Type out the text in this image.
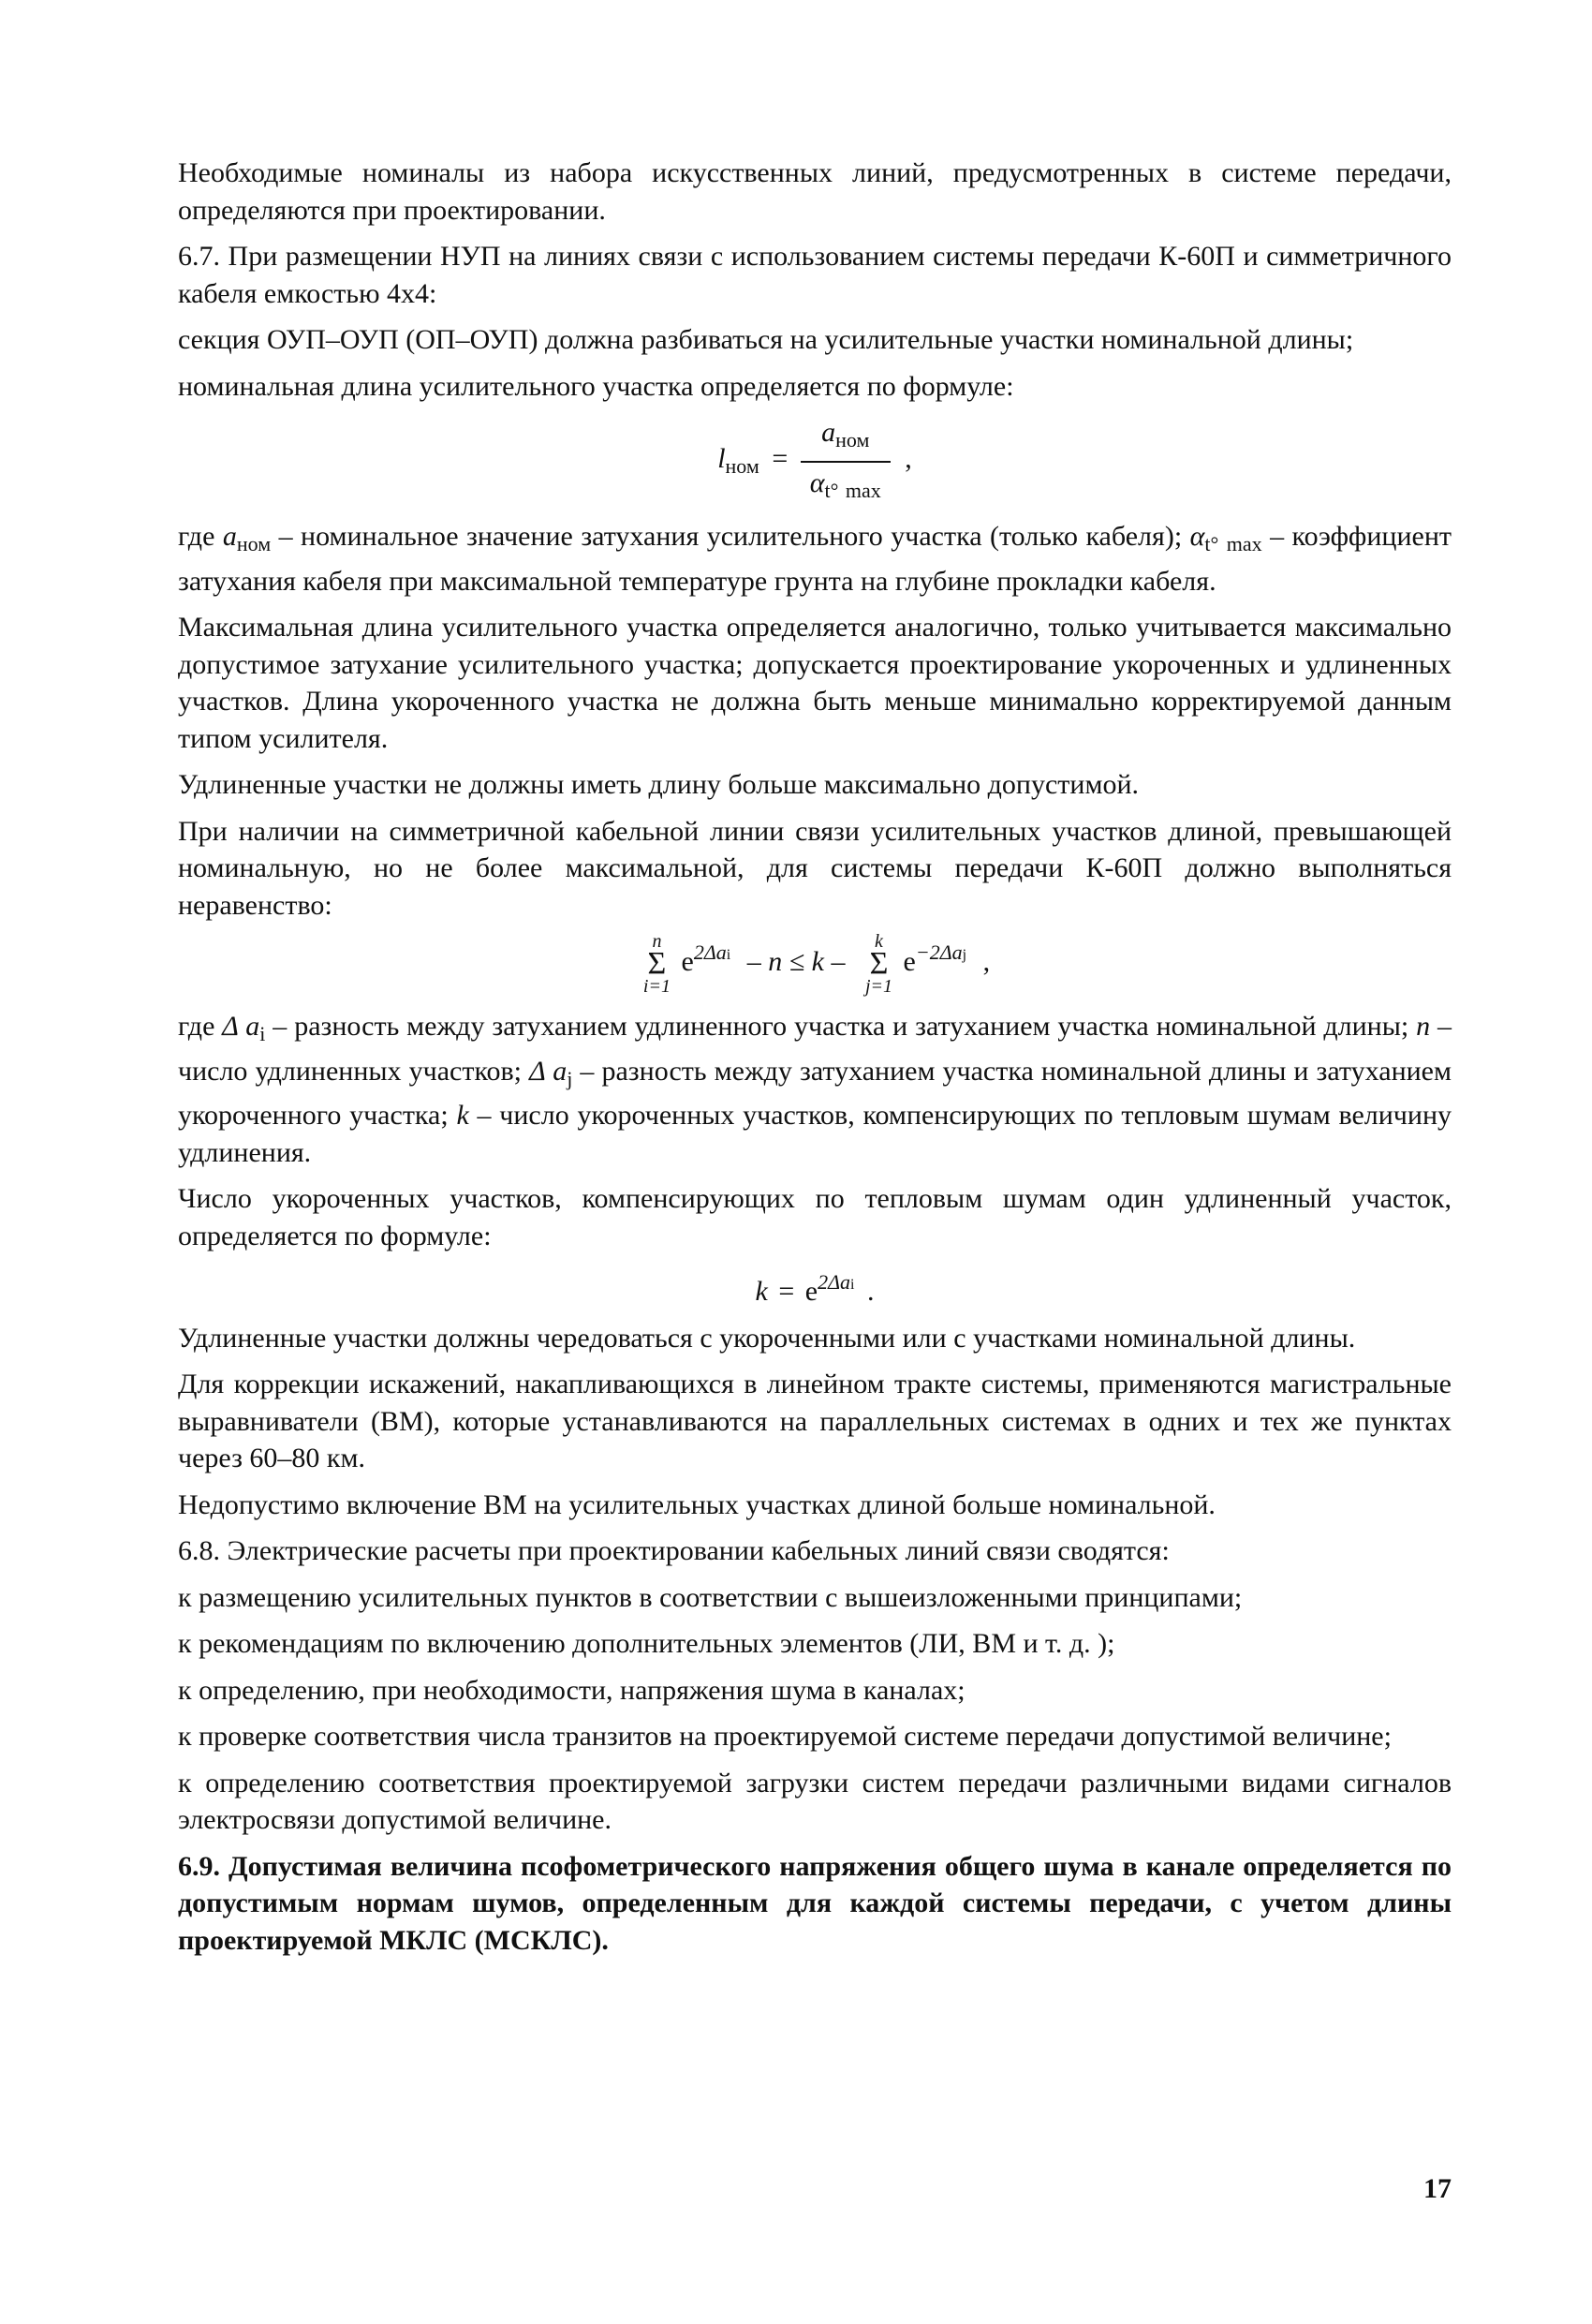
Необходимые номиналы из набора искусственных линий, предусмотренных в системе передачи, определяются при проектировании.

6.7. При размещении НУП на линиях связи с использованием системы передачи К-60П и симметричного кабеля емкостью 4x4:

секция ОУП–ОУП (ОП–ОУП) должна разбиваться на усилительные участки номинальной длины;

номинальная длина усилительного участка определяется по формуле:

$l_{ном} = \frac{a_{ном}}{\alpha_{t^\circ} _{max}}$ ,

где $a_{ном}$ – номинальное значение затухания усилительного участка (только кабеля); $\alpha_{t^\circ}$ $_{max}$ – коэффициент затухания кабеля при максимальной температуре грунта на глубине прокладки кабеля.

Максимальная длина усилительного участка определяется аналогично, только учитывается максимально допустимое затухание усилительного участка; допускается проектирование укороченных и удлиненных участков. Длина укороченного участка не должна быть меньше минимально корректируемой данным типом усилителя.

Удлиненные участки не должны иметь длину больше максимально допустимой.

При наличии на симметричной кабельной линии связи усилительных участков длиной, превышающей номинальную, но не более максимальной, для системы передачи К-60П должно выполняться неравенство:

n
Σ
i=1 $e^{2\Delta ai} - n \le k - k$
Σ
j=1 $e^{-2\Delta aj}$ ,

где Δ $a_i$ – разность между затуханием удлиненного участка и затуханием участка номинальной длины; n – число удлиненных участков; Δ $a_j$ – разность между затуханием участка номинальной длины и затуханием укороченного участка; k – число укороченных участков, компенсирующих по тепловым шумам величину удлинения.

Число укороченных участков, компенсирующих по тепловым шумам один удлиненный участок, определяется по формуле:

$k = e^{2\Delta ai}$ .

Удлиненные участки должны чередоваться с укороченными или с участками номинальной длины.

Для коррекции искажений, накапливающихся в линейном тракте системы, применяются магистральные выравниватели (ВМ), которые устанавливаются на параллельных системах в одних и тех же пунктах через 60–80 км.

Недопустимо включение ВМ на усилительных участках длиной больше номинальной.

6.8. Электрические расчеты при проектировании кабельных линий связи сводятся:

к размещению усилительных пунктов в соответствии с вышеизложенными принципами;

к рекомендациям по включению дополнительных элементов (ЛИ, ВМ и т. д. );

к определению, при необходимости, напряжения шума в каналах;

к проверке соответствия числа транзитов на проектируемой системе передачи допустимой величине;

к определению соответствия проектируемой загрузки систем передачи различными видами сигналов электросвязи допустимой величине.

6.9. Допустимая величина псофометрического напряжения общего шума в канале определяется по допустимым нормам шумов, определенным для каждой системы передачи, с учетом длины проектируемой МКЛС (МСКЛС).

17
